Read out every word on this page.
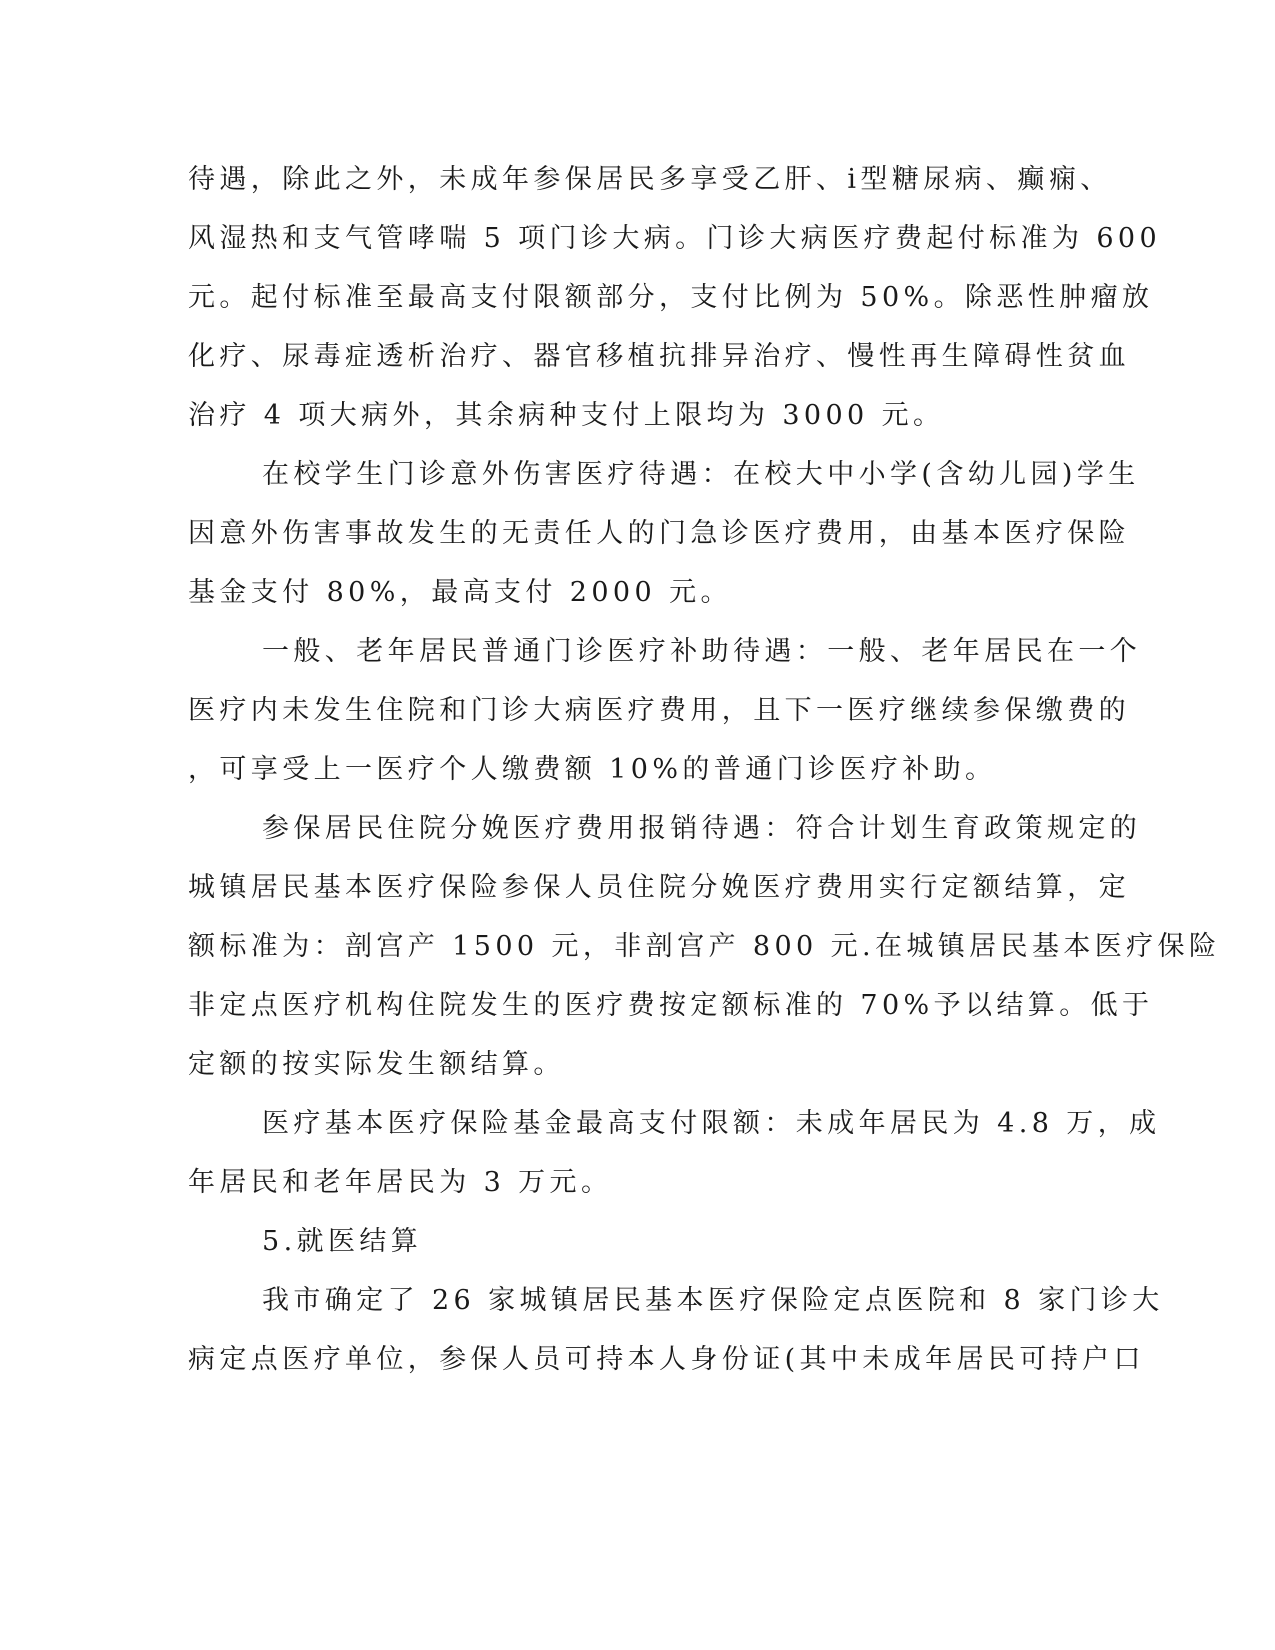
待遇，除此之外，未成年参保居民多享受乙肝、ⅰ型糖尿病、癫痫、
风湿热和支气管哮喘 5 项门诊大病。门诊大病医疗费起付标准为 600
元。起付标准至最高支付限额部分，支付比例为 50%。除恶性肿瘤放
化疗、尿毒症透析治疗、器官移植抗排异治疗、慢性再生障碍性贫血
治疗 4 项大病外，其余病种支付上限均为 3000 元。
在校学生门诊意外伤害医疗待遇：在校大中小学(含幼儿园)学生
因意外伤害事故发生的无责任人的门急诊医疗费用，由基本医疗保险
基金支付 80%，最高支付 2000 元。
一般、老年居民普通门诊医疗补助待遇：一般、老年居民在一个
医疗内未发生住院和门诊大病医疗费用，且下一医疗继续参保缴费的
，可享受上一医疗个人缴费额 10%的普通门诊医疗补助。
参保居民住院分娩医疗费用报销待遇：符合计划生育政策规定的
城镇居民基本医疗保险参保人员住院分娩医疗费用实行定额结算，定
额标准为：剖宫产 1500 元，非剖宫产 800 元.在城镇居民基本医疗保险
非定点医疗机构住院发生的医疗费按定额标准的 70%予以结算。低于
定额的按实际发生额结算。
医疗基本医疗保险基金最高支付限额：未成年居民为 4.8 万，成
年居民和老年居民为 3 万元。
5.就医结算
我市确定了 26 家城镇居民基本医疗保险定点医院和 8 家门诊大
病定点医疗单位，参保人员可持本人身份证(其中未成年居民可持户口
